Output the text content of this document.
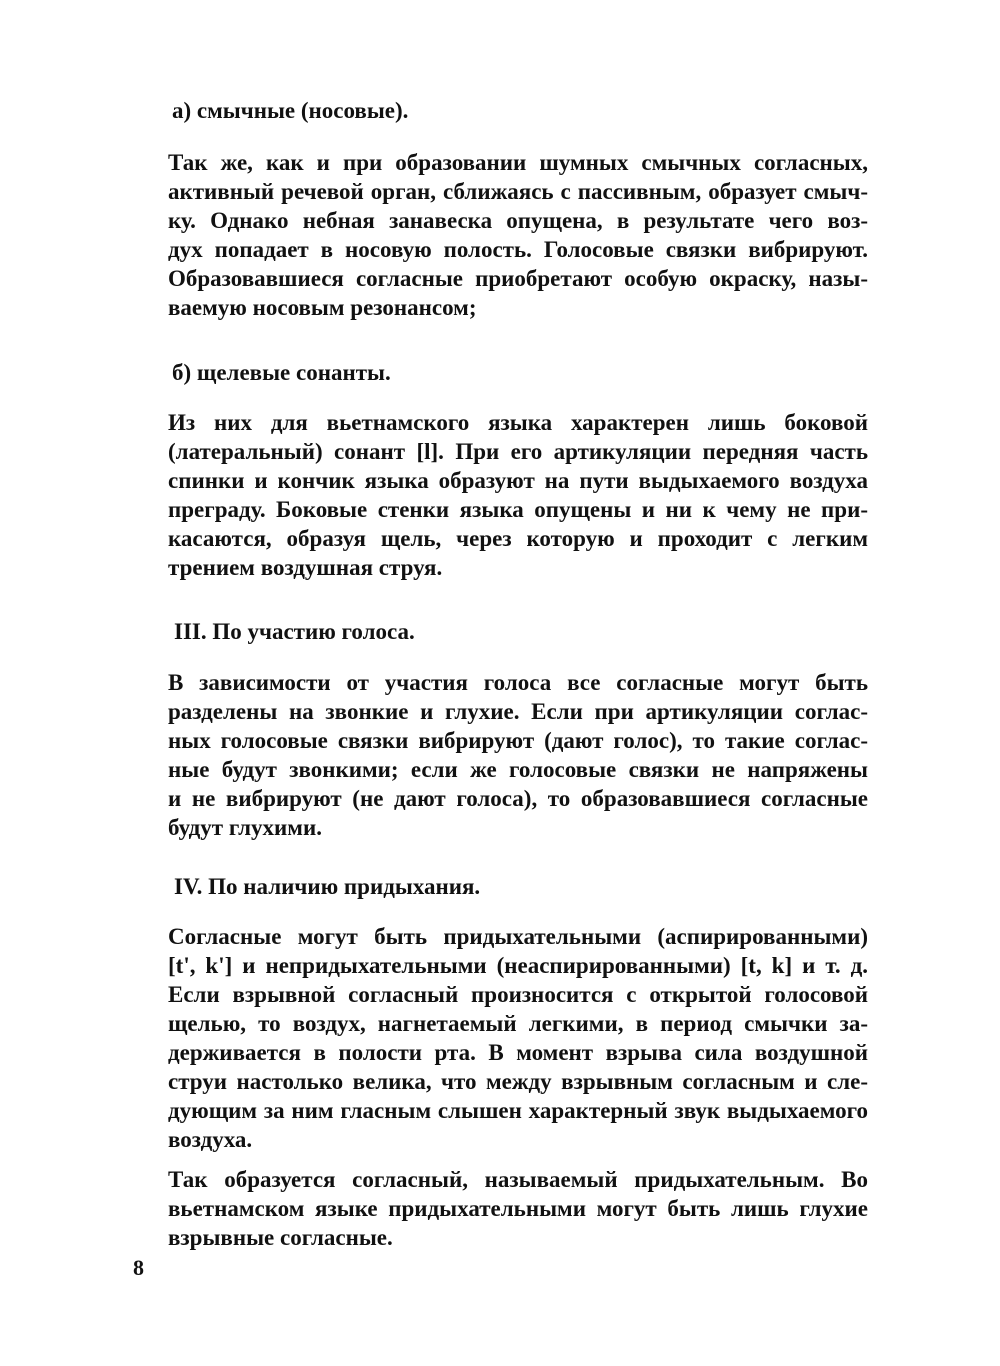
а) смычные (носовые).
Так же, как и при образовании шумных смычных согласных,
активный речевой орган, сближаясь с пассивным, образует смыч-
ку. Однако небная занавеска опущена, в результате чего воз-
дух попадает в носовую полость. Голосовые связки вибрируют.
Образовавшиеся согласные приобретают особую окраску, назы-
ваемую носовым резонансом;
б) щелевые сонанты.
Из них для вьетнамского языка характерен лишь боковой
(латеральный) сонант [l]. При его артикуляции передняя часть
спинки и кончик языка образуют на пути выдыхаемого воздуха
преграду. Боковые стенки языка опущены и ни к чему не при-
касаются, образуя щель, через которую и проходит с легким
трением воздушная струя.
III. По участию голоса.
В зависимости от участия голоса все согласные могут быть
разделены на звонкие и глухие. Если при артикуляции соглас-
ных голосовые связки вибрируют (дают голос), то такие соглас-
ные будут звонкими; если же голосовые связки не напряжены
и не вибрируют (не дают голоса), то образовавшиеся согласные
будут глухими.
IV. По наличию придыхания.
Согласные могут быть придыхательными (аспирированными)
[t', k'] и непридыхательными (неаспирированными) [t, k] и т. д.
Если взрывной согласный произносится с открытой голосовой
щелью, то воздух, нагнетаемый легкими, в период смычки за-
держивается в полости рта. В момент взрыва сила воздушной
струи настолько велика, что между взрывным согласным и сле-
дующим за ним гласным слышен характерный звук выдыхаемого
воздуха.
Так образуется согласный, называемый придыхательным. Во
вьетнамском языке придыхательными могут быть лишь глухие
взрывные согласные.
8
